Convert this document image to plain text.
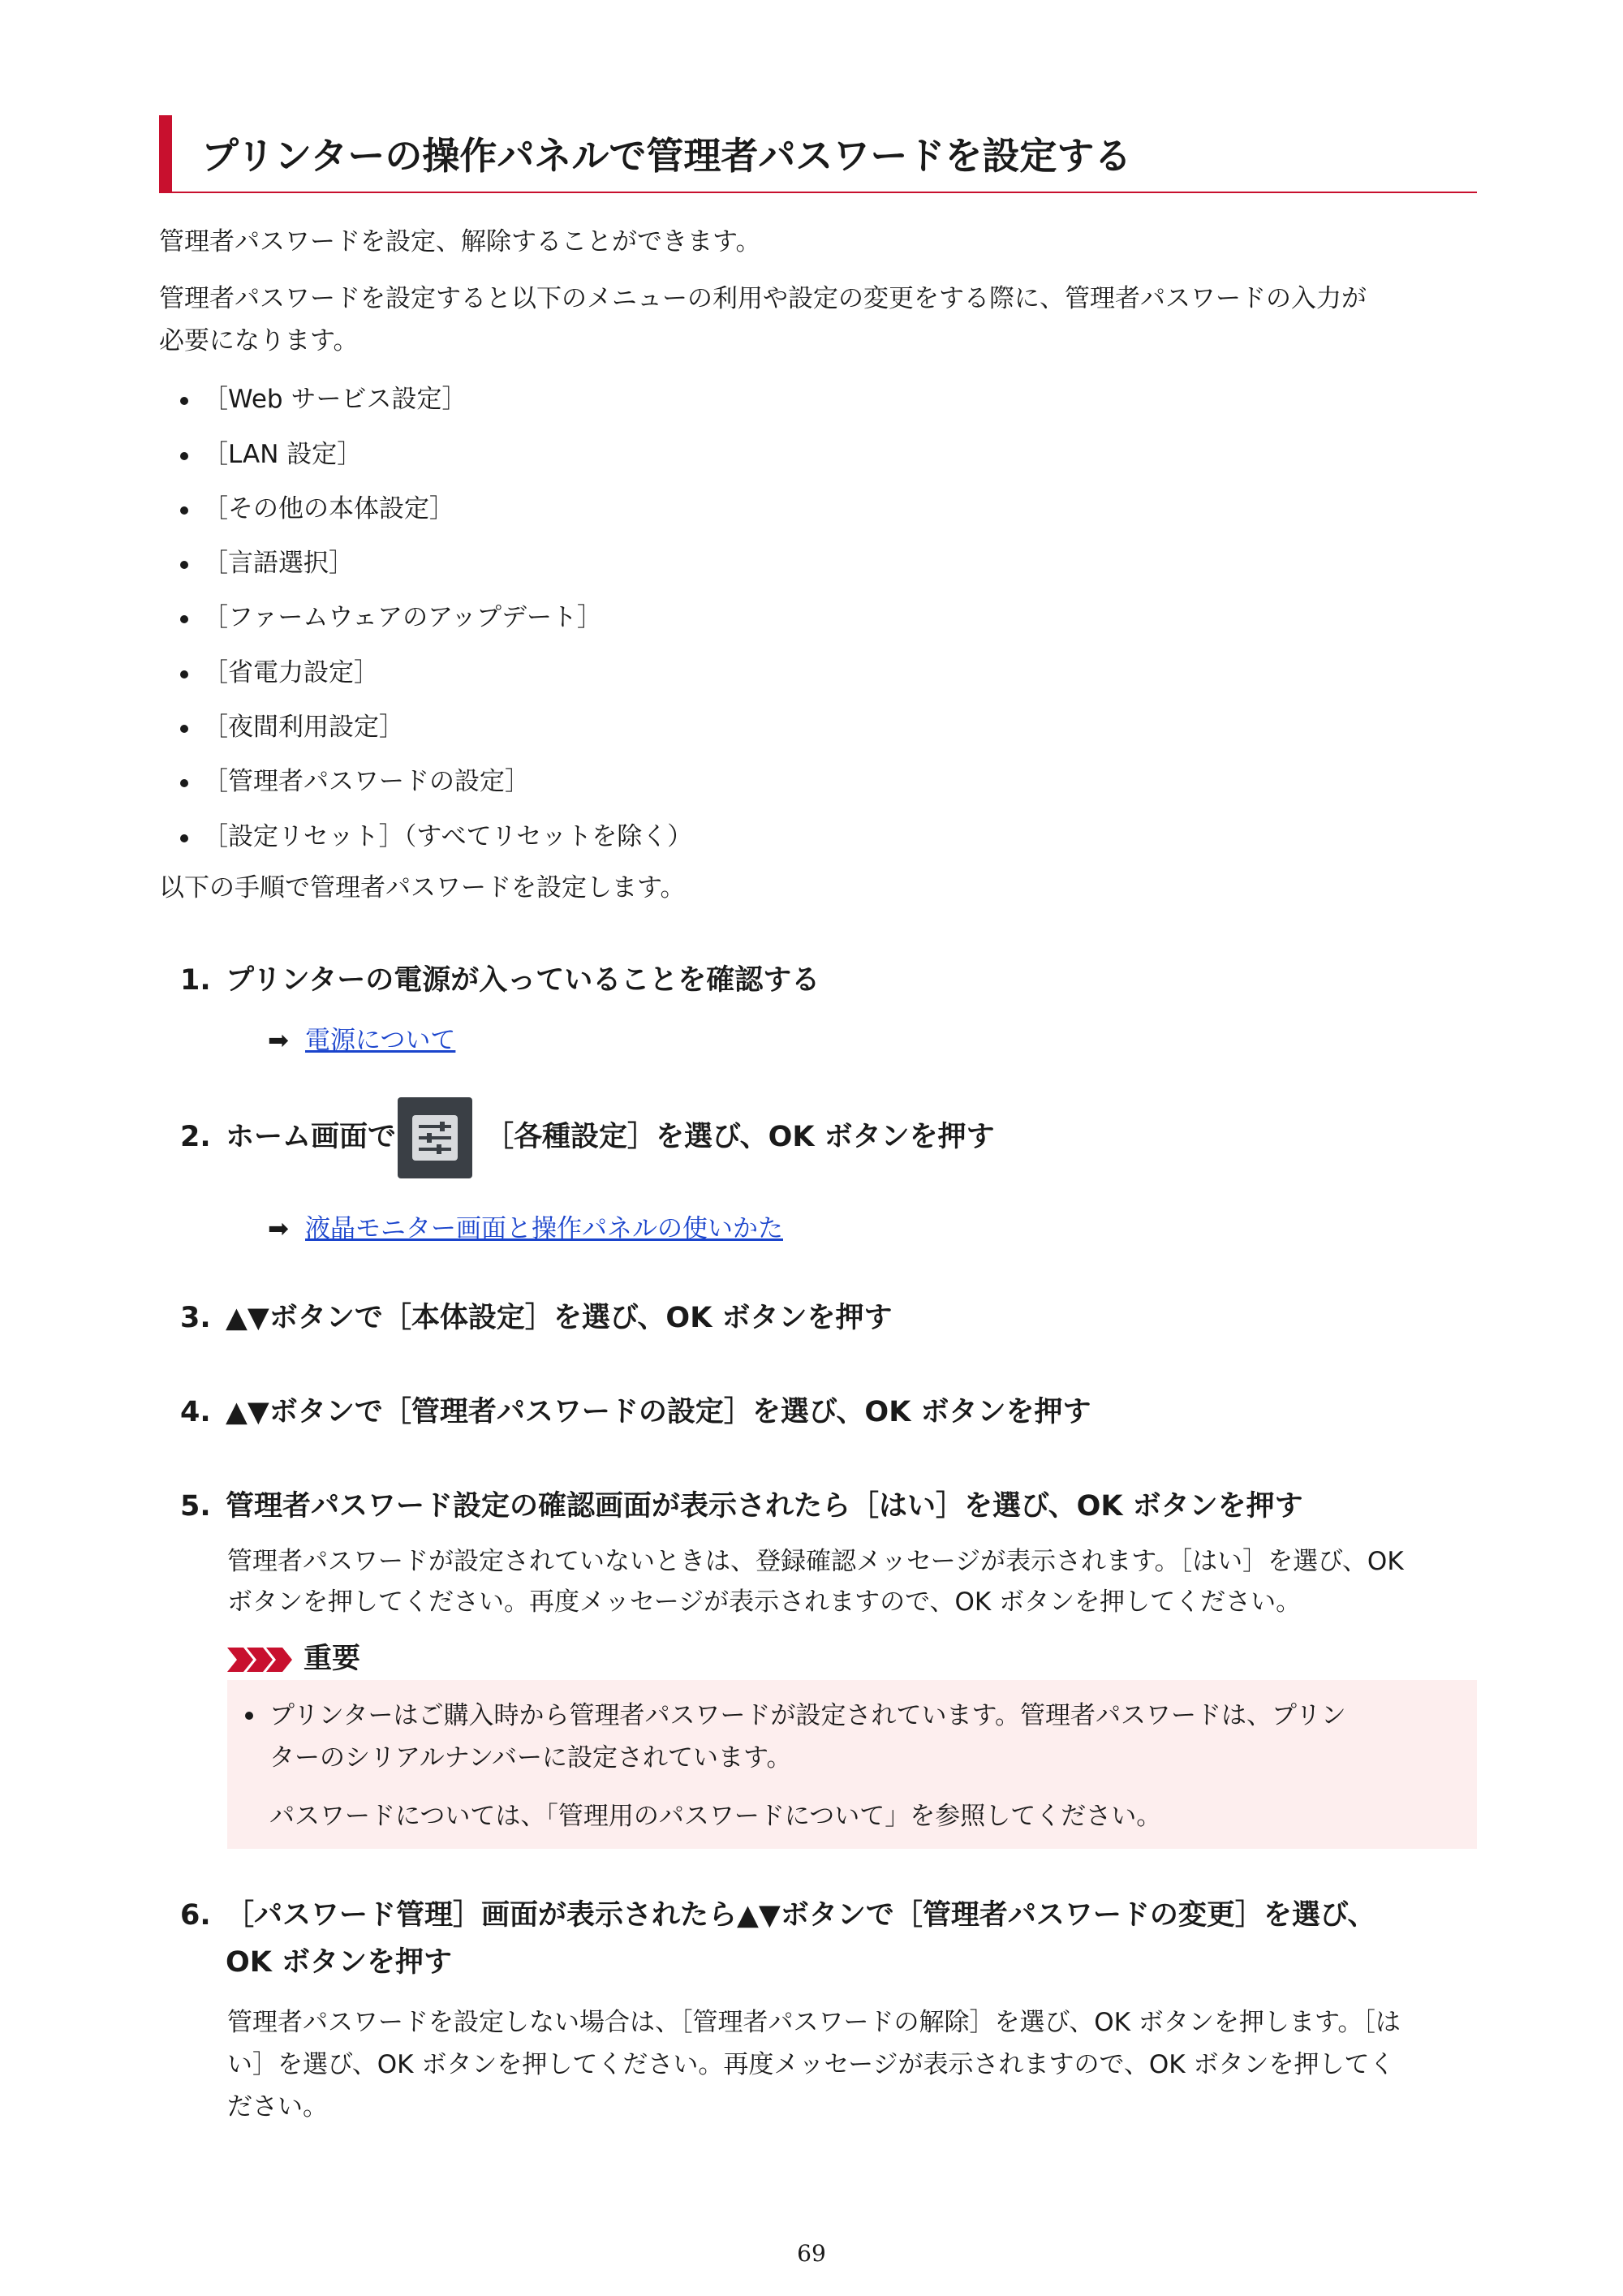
プリンターの操作パネルで管理者パスワードを設定する
管理者パスワードを設定、解除することができます。
管理者パスワードを設定すると以下のメニューの利用や設定の変更をする際に、管理者パスワードの入力が
必要になります。
［Web サービス設定］
［LAN 設定］
［その他の本体設定］
［言語選択］
［ファームウェアのアップデート］
［省電力設定］
［夜間利用設定］
［管理者パスワードの設定］
［設定リセット］（すべてリセットを除く）
以下の手順で管理者パスワードを設定します。
1. プリンターの電源が入っていることを確認する
➡ 電源について
2. ホーム画面で	［各種設定］を選び、OK ボタンを押す
➡ 液晶モニター画面と操作パネルの使いかた
3. ▲▼ボタンで［本体設定］を選び、OK ボタンを押す
4. ▲▼ボタンで［管理者パスワードの設定］を選び、OK ボタンを押す
5. 管理者パスワード設定の確認画面が表示されたら［はい］を選び、OK ボタンを押す
管理者パスワードが設定されていないときは、登録確認メッセージが表示されます。［はい］を選び、OK
ボタンを押してください。再度メッセージが表示されますので、OK ボタンを押してください。
重要
プリンターはご購入時から管理者パスワードが設定されています。管理者パスワードは、プリン
ターのシリアルナンバーに設定されています。
パスワードについては、「管理用のパスワードについて」を参照してください。
6. ［パスワード管理］画面が表示されたら▲▼ボタンで［管理者パスワードの変更］を選び、
OK ボタンを押す
管理者パスワードを設定しない場合は、［管理者パスワードの解除］を選び、OK ボタンを押します。［は
い］を選び、OK ボタンを押してください。再度メッセージが表示されますので、OK ボタンを押してく
ださい。
69
